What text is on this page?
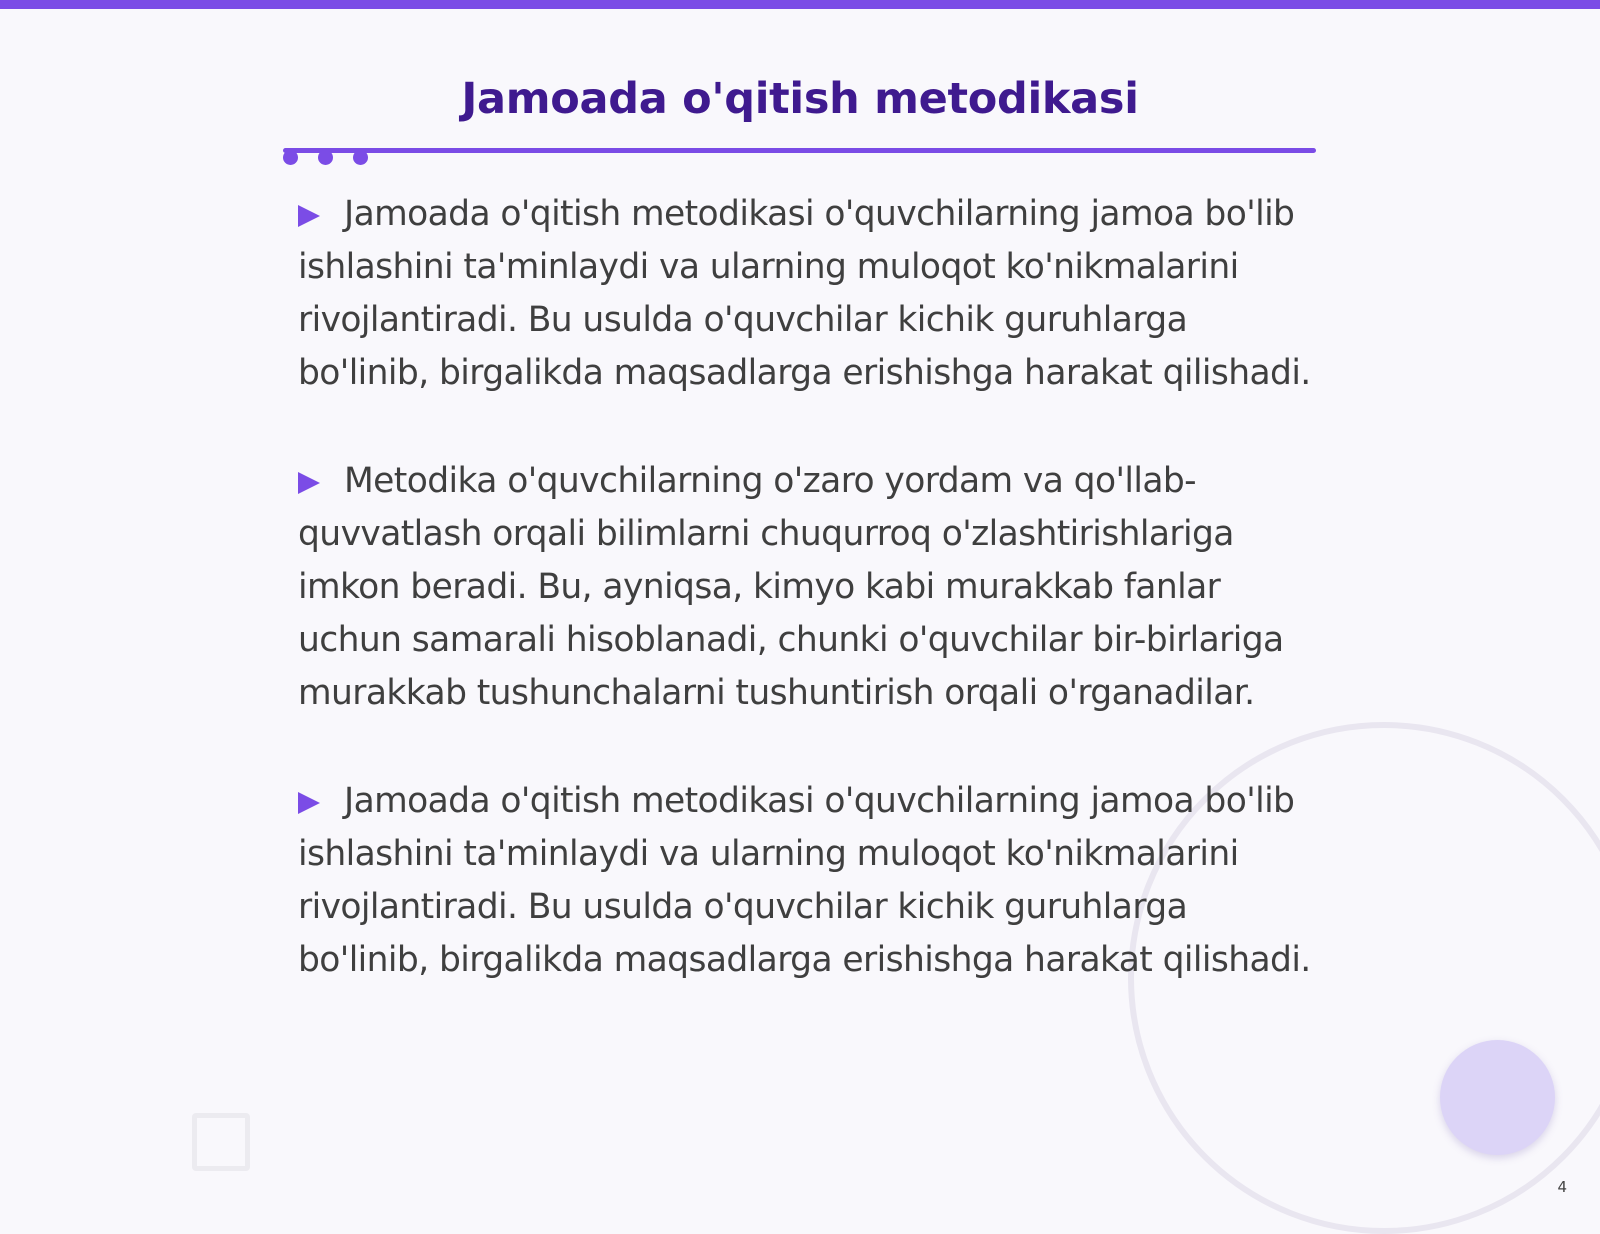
Jamoada o'qitish metodikasi

Jamoada o'qitish metodikasi o'quvchilarning jamoa bo'lib ishlashini ta'minlaydi va ularning muloqot ko'nikmalarini rivojlantiradi. Bu usulda o'quvchilar kichik guruhlarga bo'linib, birgalikda maqsadlarga erishishga harakat qilishadi.

Metodika o'quvchilarning o'zaro yordam va qo'llab-quvvatlash orqali bilimlarni chuqurroq o'zlashtirishlariga imkon beradi. Bu, ayniqsa, kimyo kabi murakkab fanlar uchun samarali hisoblanadi, chunki o'quvchilar bir-birlariga murakkab tushunchalarni tushuntirish orqali o'rganadilar.

Jamoada o'qitish metodikasi o'quvchilarning jamoa bo'lib ishlashini ta'minlaydi va ularning muloqot ko'nikmalarini rivojlantiradi. Bu usulda o'quvchilar kichik guruhlarga bo'linib, birgalikda maqsadlarga erishishga harakat qilishadi.

4
